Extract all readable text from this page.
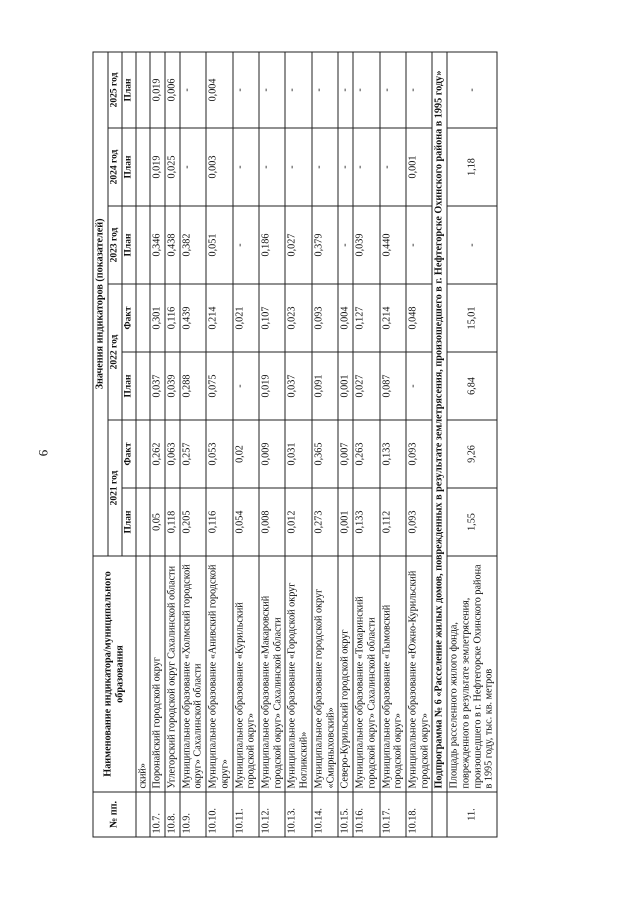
9
№ пп.	Наименование индикатора/муниципального образования	Значения индикаторов (показателей)						
		2021 год		2022 год		2023 год	2024 год	2025 год
		План	Факт	План	Факт	План	План	План
	ский»							
10.7.	Поронайский городской округ	0,05	0,262	0,037	0,301	0,346	0,019	0,019
10.8.	Углегорский городской округ Сахалинской области	0,118	0,063	0,039	0,116	0,438	0,025	0,006
10.9.	Муниципальное образование «Холмский городской округ» Сахалинской области	0,205	0,257	0,288	0,439	0,382	-	-
10.10.	Муниципальное образование «Анивский городской округ»	0,116	0,053	0,075	0,214	0,051	0,003	0,004
10.11.	Муниципальное образование «Курильский городской округ»	0,054	0,02	-	0,021	-	-	-
10.12.	Муниципальное образование «Макаровский городской округ» Сахалинской области	0,008	0,009	0,019	0,107	0,186	-	-
10.13.	Муниципальное образование «Городской округ Ногликский»	0,012	0,031	0,037	0,023	0,027	-	-
10.14.	Муниципальное образование городской округ «Смирныховский»	0,273	0,365	0,091	0,093	0,379	-	-
10.15.	Северо-Курильский городской округ	0,001	0,007	0,001	0,004	-	-	-
10.16.	Муниципальное образование «Томаринский городской округ» Сахалинской области	0,133	0,263	0,027	0,127	0,039	-	-
10.17.	Муниципальное образование «Тымовский городской округ»	0,112	0,133	0,087	0,214	0,440	-	-
10.18.	Муниципальное образование «Южно-Курильский городской округ»	0,093	0,093	-	0,048	-	0,001	-
	Подпрограмма № 6 «Расселение жилых домов, поврежденных в результате землетрясения, произошедшего в г. Нефтегорске Охинского района в 1995 году»							
11.	Площадь расселенного жилого фонда, поврежденного в результате землетрясения, произошедшего в г. Нефтегорске Охинского района в 1995 году, тыс. кв. метров	1,55	9,26	6,84	15,01	-	1,18	-
